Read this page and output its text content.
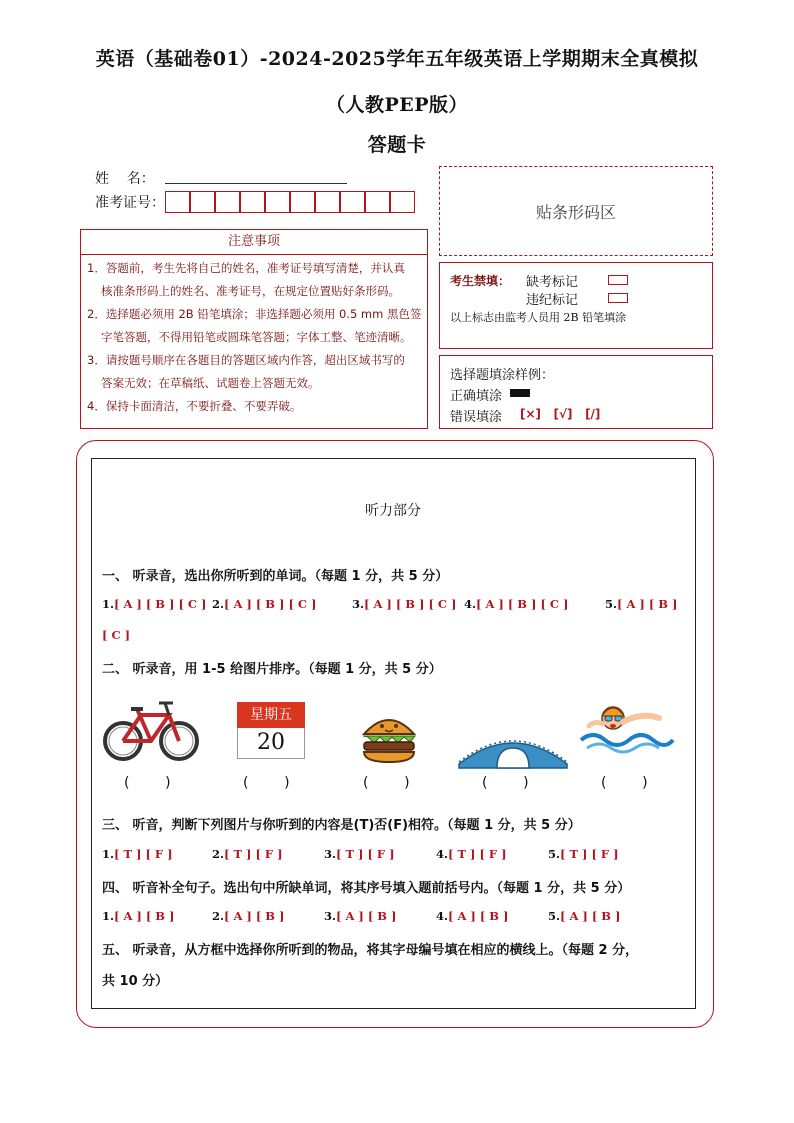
英语（基础卷01）-2024-2025学年五年级英语上学期期末全真模拟
（人教PEP版）
答题卡
姓    名：
准考证号：	贴条形码区
注意事项
1．答题前，考生先将自己的姓名，准考证号填写清楚，并认真
核准条形码上的姓名、准考证号，在规定位置贴好条形码。
2．选择题必须用 2B 铅笔填涂；非选择题必须用 0.5 mm 黑色签
字笔答题，不得用铅笔或圆珠笔答题；字体工整、笔迹清晰。
3．请按题号顺序在各题目的答题区域内作答，超出区域书写的
答案无效；在草稿纸、试题卷上答题无效。
4．保持卡面清洁，不要折叠、不要弄破。
考生禁填： 缺考标记
违纪标记
以上标志由监考人员用 2B 铅笔填涂
选择题填涂样例：
正确填涂
错误填涂 [×]   [√]   [/]
听力部分
一、 听录音，选出你所听到的单词。（每题 1 分，共 5 分）
1.[ A ] [ B ] [ C ] 2.[ A ] [ B ] [ C ]	3.[ A ] [ B ] [ C ] 4.[ A ] [ B ] [ C ]	5.[ A ] [ B ]
[ C ]
二、 听录音，用 1-5 给图片排序。（每题 1 分，共 5 分）
星期五
20
(        )	(        )	(        )	(        )	(        )
三、 听音，判断下列图片与你听到的内容是(T)否(F)相符。（每题 1 分，共 5 分）
1.[ T ] [ F ]	2.[ T ] [ F ]	3.[ T ] [ F ]	4.[ T ] [ F ]	5.[ T ] [ F ]
四、 听音补全句子。选出句中所缺单词，将其序号填入题前括号内。（每题 1 分，共 5 分）
1.[ A ] [ B ]	2.[ A ] [ B ]	3.[ A ] [ B ]	4.[ A ] [ B ]	5.[ A ] [ B ]
五、 听录音，从方框中选择你所听到的物品，将其字母编号填在相应的横线上。（每题 2 分，
共 10 分）
